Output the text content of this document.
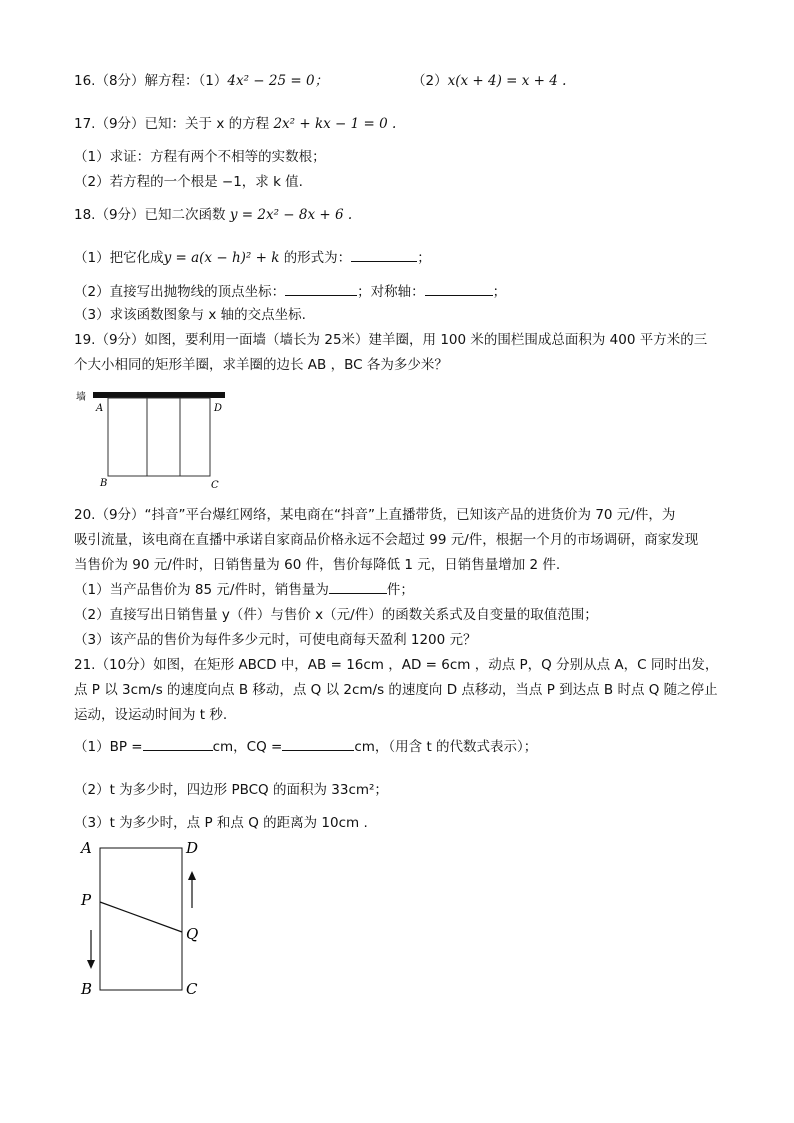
16.（8分）解方程：（1）4x² − 25 = 0；	（2）x(x + 4) = x + 4 .
17.（9分）已知：关于 x 的方程 2x² + kx − 1 = 0 .
（1）求证：方程有两个不相等的实数根；
（2）若方程的一个根是 −1，求 k 值.
18.（9分）已知二次函数 y = 2x² − 8x + 6 .
（1）把它化成y = a(x − h)² + k 的形式为：	；
（2）直接写出抛物线的顶点坐标：	；对称轴：	；
（3）求该函数图象与 x 轴的交点坐标.
19.（9分）如图，要利用一面墙（墙长为 25米）建羊圈，用 100 米的围栏围成总面积为 400 平方米的三
个大小相同的矩形羊圈，求羊圈的边长 AB ，BC 各为多少米？
墙
A	D
B	C
20.（9分）“抖音”平台爆红网络，某电商在“抖音”上直播带货，已知该产品的进货价为 70 元/件，为
吸引流量，该电商在直播中承诺自家商品价格永远不会超过 99 元/件，根据一个月的市场调研，商家发现
当售价为 90 元/件时，日销售量为 60 件，售价每降低 1 元，日销售量增加 2 件.
（1）当产品售价为 85 元/件时，销售量为	件；
（2）直接写出日销售量 y（件）与售价 x（元/件）的函数关系式及自变量的取值范围；
（3）该产品的售价为每件多少元时，可使电商每天盈利 1200 元？
21.（10分）如图，在矩形 ABCD 中，AB = 16cm ，AD = 6cm ，动点 P，Q 分别从点 A，C 同时出发，
点 P 以 3cm/s 的速度向点 B 移动，点 Q 以 2cm/s 的速度向 D 点移动，当点 P 到达点 B 时点 Q 随之停止
运动，设运动时间为 t 秒.
（1）BP =	cm，CQ =	cm，（用含 t 的代数式表示）；
（2）t 为多少时，四边形 PBCQ 的面积为 33cm²；
（3）t 为多少时，点 P 和点 Q 的距离为 10cm .
A	D
P
Q
B	C
